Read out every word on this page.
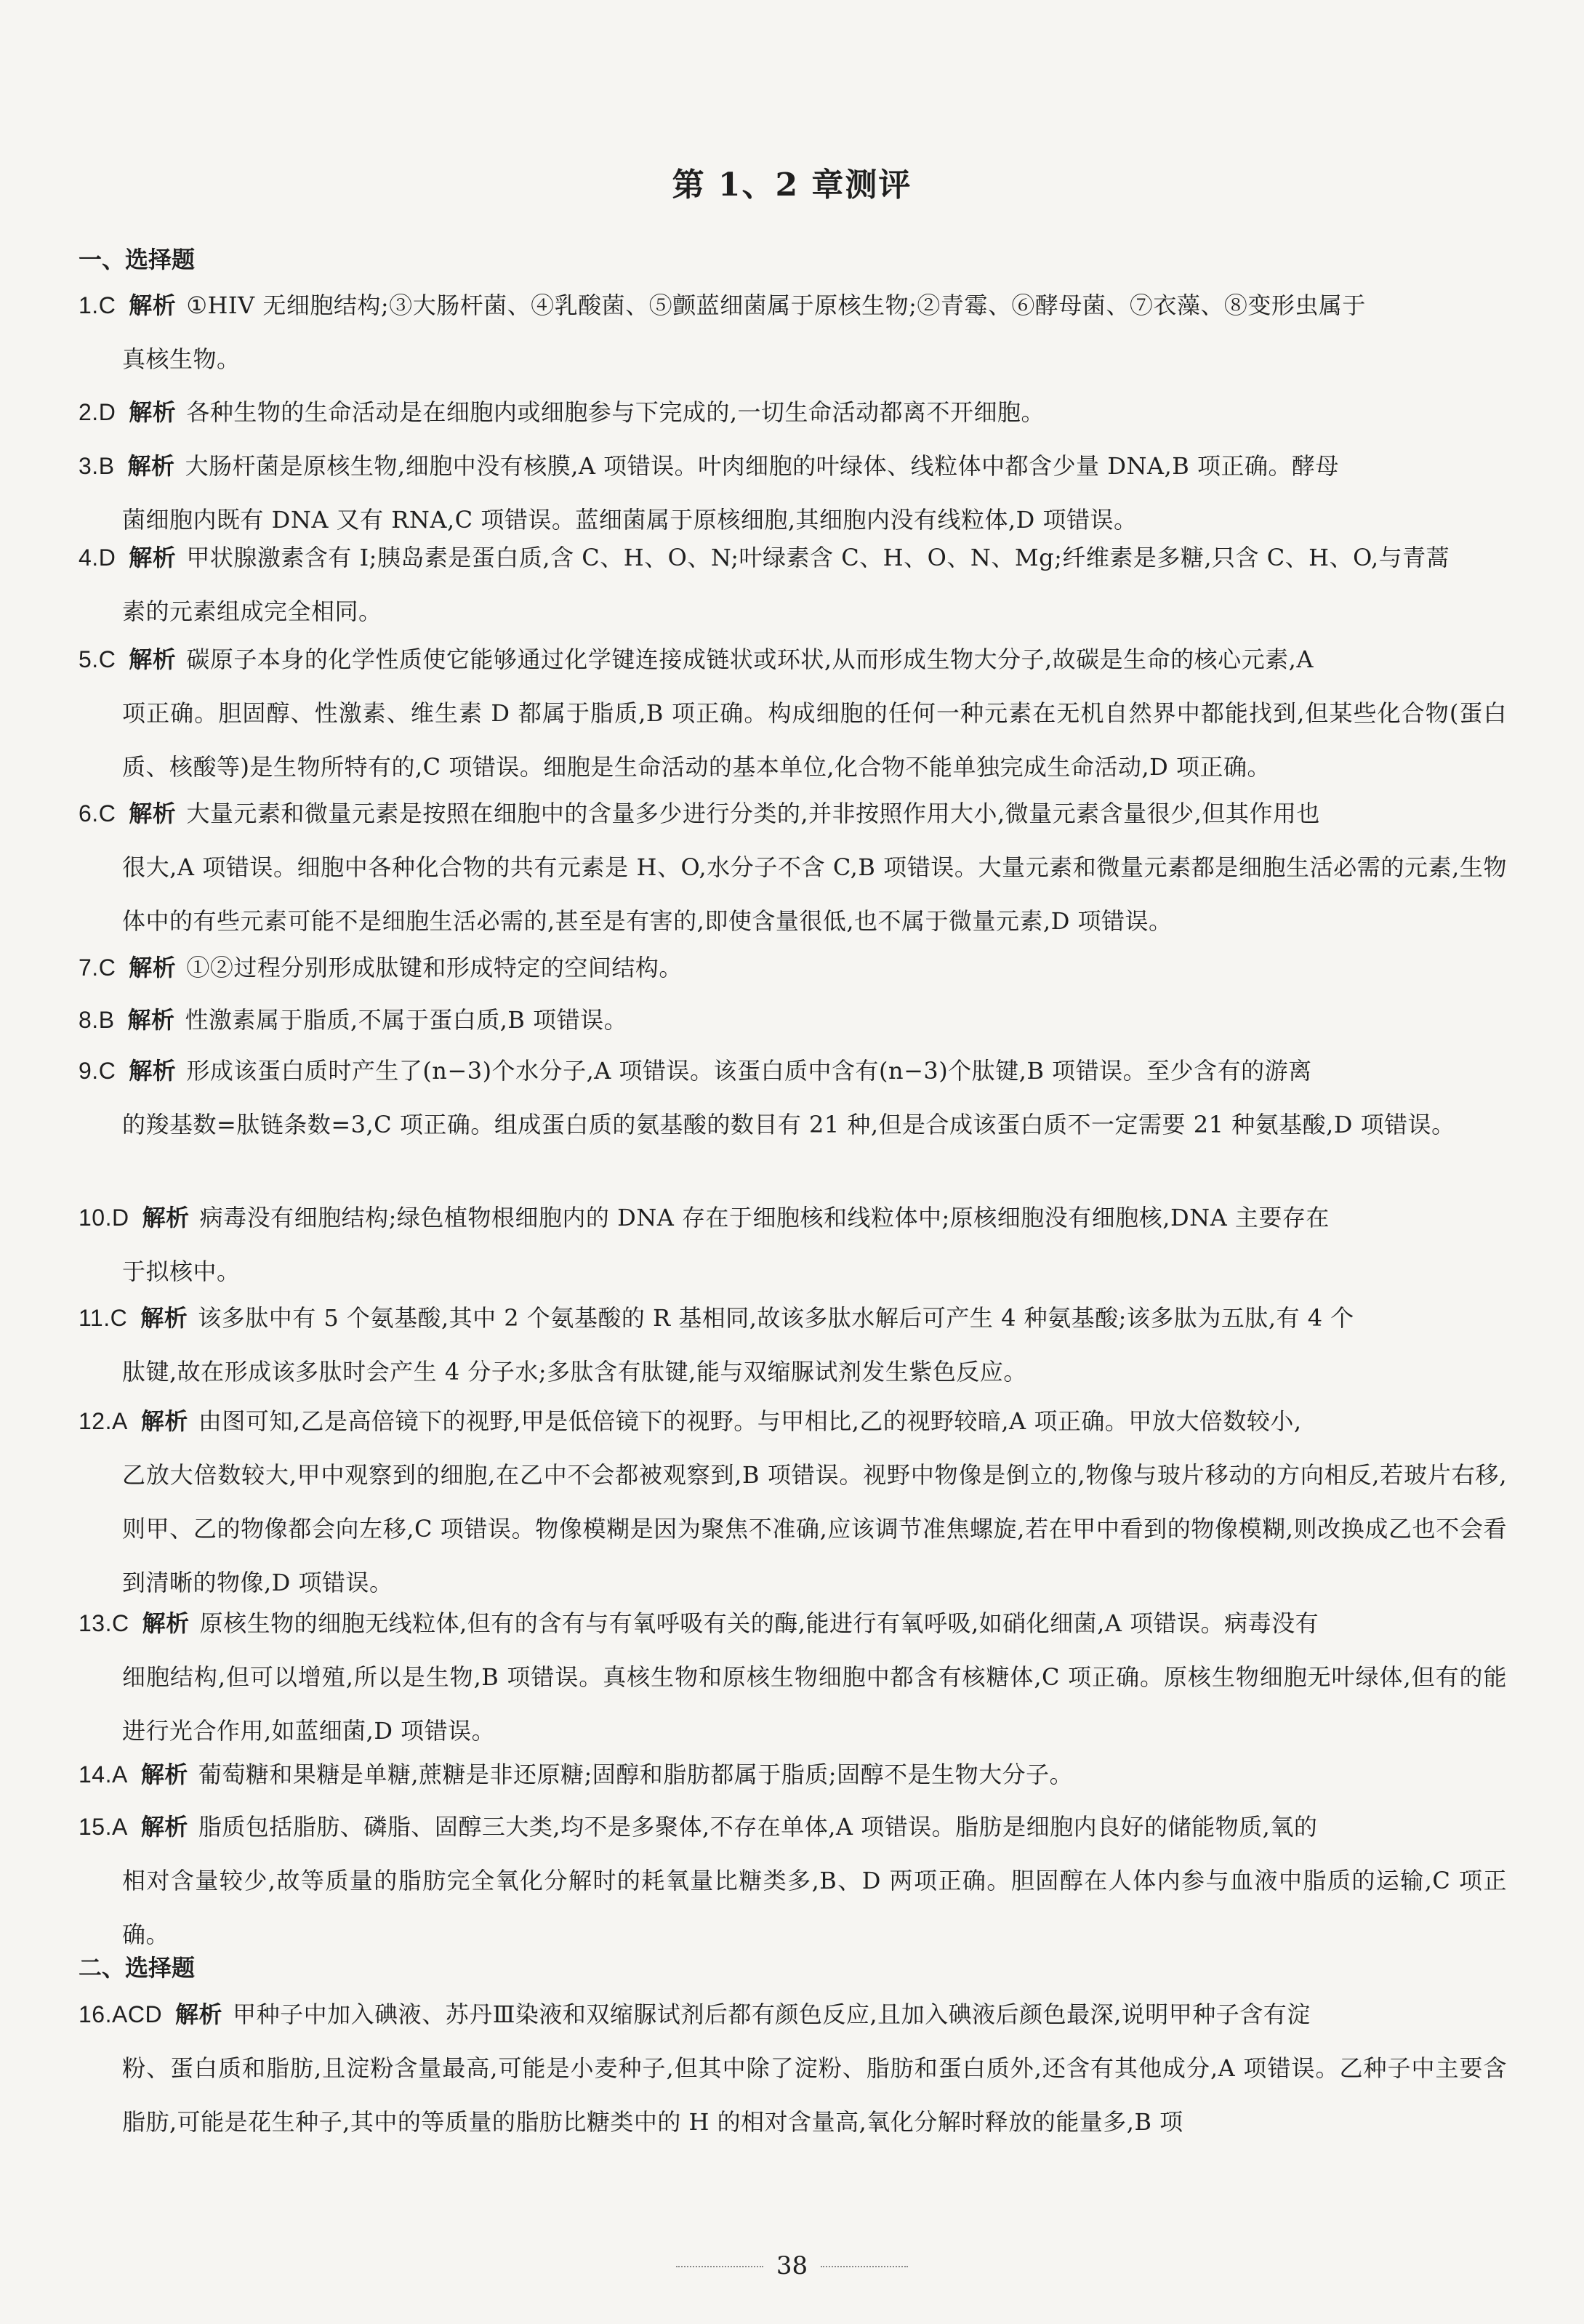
第 1、2 章测评
一、选择题
1.C 解析 ①HIV 无细胞结构;③大肠杆菌、④乳酸菌、⑤颤蓝细菌属于原核生物;②青霉、⑥酵母菌、⑦衣藻、⑧变形虫属于

真核生物。
2.D 解析 各种生物的生命活动是在细胞内或细胞参与下完成的,一切生命活动都离不开细胞。
3.B 解析 大肠杆菌是原核生物,细胞中没有核膜,A 项错误。叶肉细胞的叶绿体、线粒体中都含少量 DNA,B 项正确。酵母

菌细胞内既有 DNA 又有 RNA,C 项错误。蓝细菌属于原核细胞,其细胞内没有线粒体,D 项错误。
4.D 解析 甲状腺激素含有 I;胰岛素是蛋白质,含 C、H、O、N;叶绿素含 C、H、O、N、Mg;纤维素是多糖,只含 C、H、O,与青蒿

素的元素组成完全相同。
5.C 解析 碳原子本身的化学性质使它能够通过化学键连接成链状或环状,从而形成生物大分子,故碳是生命的核心元素,A

项正确。胆固醇、性激素、维生素 D 都属于脂质,B 项正确。构成细胞的任何一种元素在无机自然界中都能找到,但某些化合物(蛋白质、核酸等)是生物所特有的,C 项错误。细胞是生命活动的基本单位,化合物不能单独完成生命活动,D 项正确。
6.C 解析 大量元素和微量元素是按照在细胞中的含量多少进行分类的,并非按照作用大小,微量元素含量很少,但其作用也

很大,A 项错误。细胞中各种化合物的共有元素是 H、O,水分子不含 C,B 项错误。大量元素和微量元素都是细胞生活必需的元素,生物体中的有些元素可能不是细胞生活必需的,甚至是有害的,即使含量很低,也不属于微量元素,D 项错误。
7.C 解析 ①②过程分别形成肽键和形成特定的空间结构。
8.B 解析 性激素属于脂质,不属于蛋白质,B 项错误。
9.C 解析 形成该蛋白质时产生了(n−3)个水分子,A 项错误。该蛋白质中含有(n−3)个肽键,B 项错误。至少含有的游离

的羧基数=肽链条数=3,C 项正确。组成蛋白质的氨基酸的数目有 21 种,但是合成该蛋白质不一定需要 21 种氨基酸,D 项错误。
10.D 解析 病毒没有细胞结构;绿色植物根细胞内的 DNA 存在于细胞核和线粒体中;原核细胞没有细胞核,DNA 主要存在

于拟核中。
11.C 解析 该多肽中有 5 个氨基酸,其中 2 个氨基酸的 R 基相同,故该多肽水解后可产生 4 种氨基酸;该多肽为五肽,有 4 个

肽键,故在形成该多肽时会产生 4 分子水;多肽含有肽键,能与双缩脲试剂发生紫色反应。
12.A 解析 由图可知,乙是高倍镜下的视野,甲是低倍镜下的视野。与甲相比,乙的视野较暗,A 项正确。甲放大倍数较小,

乙放大倍数较大,甲中观察到的细胞,在乙中不会都被观察到,B 项错误。视野中物像是倒立的,物像与玻片移动的方向相反,若玻片右移,则甲、乙的物像都会向左移,C 项错误。物像模糊是因为聚焦不准确,应该调节准焦螺旋,若在甲中看到的物像模糊,则改换成乙也不会看到清晰的物像,D 项错误。
13.C 解析 原核生物的细胞无线粒体,但有的含有与有氧呼吸有关的酶,能进行有氧呼吸,如硝化细菌,A 项错误。病毒没有

细胞结构,但可以增殖,所以是生物,B 项错误。真核生物和原核生物细胞中都含有核糖体,C 项正确。原核生物细胞无叶绿体,但有的能进行光合作用,如蓝细菌,D 项错误。
14.A 解析 葡萄糖和果糖是单糖,蔗糖是非还原糖;固醇和脂肪都属于脂质;固醇不是生物大分子。
15.A 解析 脂质包括脂肪、磷脂、固醇三大类,均不是多聚体,不存在单体,A 项错误。脂肪是细胞内良好的储能物质,氧的

相对含量较少,故等质量的脂肪完全氧化分解时的耗氧量比糖类多,B、D 两项正确。胆固醇在人体内参与血液中脂质的运输,C 项正确。
二、选择题
16.ACD 解析 甲种子中加入碘液、苏丹Ⅲ染液和双缩脲试剂后都有颜色反应,且加入碘液后颜色最深,说明甲种子含有淀

粉、蛋白质和脂肪,且淀粉含量最高,可能是小麦种子,但其中除了淀粉、脂肪和蛋白质外,还含有其他成分,A 项错误。乙种子中主要含脂肪,可能是花生种子,其中的等质量的脂肪比糖类中的 H 的相对含量高,氧化分解时释放的能量多,B 项
38
